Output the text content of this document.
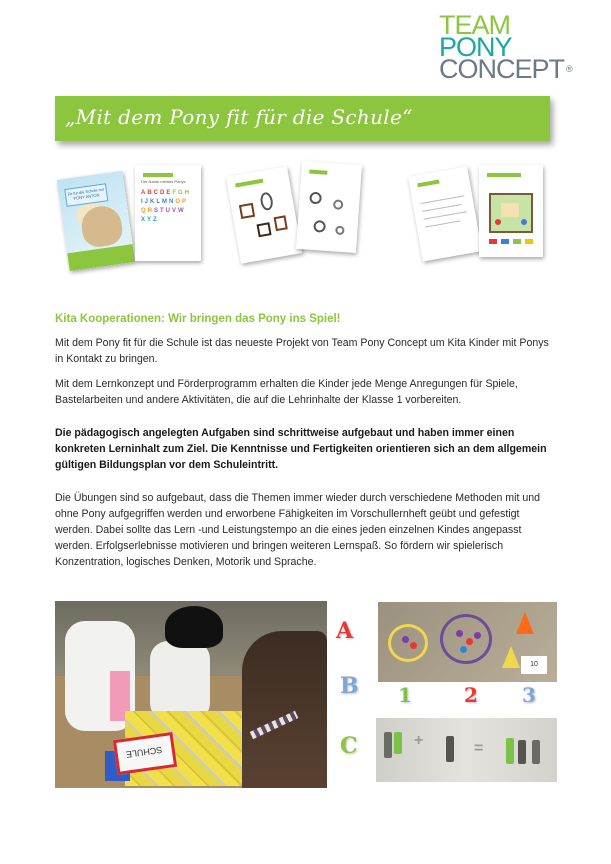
TEAM
PONY
CONCEPT ®
„Mit dem Pony fit für die Schule“
Fit für die Schule mit PONY ANTON
Der Name meines Ponys
ABCDEFGHIJKLMNOPQRSTUVWXYZ
Kita Kooperationen: Wir bringen das Pony ins Spiel!
Mit dem Pony fit für die Schule ist das neueste Projekt von Team Pony Concept um Kita Kinder mit Ponys in Kontakt zu bringen.
Mit dem Lernkonzept und Förderprogramm erhalten die Kinder jede Menge Anregungen für Spiele, Bastelarbeiten und andere Aktivitäten, die auf die Lehrinhalte der Klasse 1 vorbereiten.
Die pädagogisch angelegten Aufgaben sind schrittweise aufgebaut und haben immer einen konkreten Lerninhalt zum Ziel. Die Kenntnisse und Fertigkeiten orientieren sich an dem allgemein gültigen Bildungsplan vor dem Schuleintritt.
Die Übungen sind so aufgebaut, dass die Themen immer wieder durch verschiedene Methoden mit und ohne Pony aufgegriffen werden und erworbene Fähigkeiten im Vorschullernheft geübt und gefestigt werden. Dabei sollte das Lern -und Leistungstempo an die eines jeden einzelnen Kindes angepasst werden. Erfolgserlebnisse motivieren und bringen weiteren Lernspaß. So fördern wir spielerisch Konzentration, logisches Denken, Motorik und Sprache.
SCHULE
A
B
C
10
1	2 3
+	=
